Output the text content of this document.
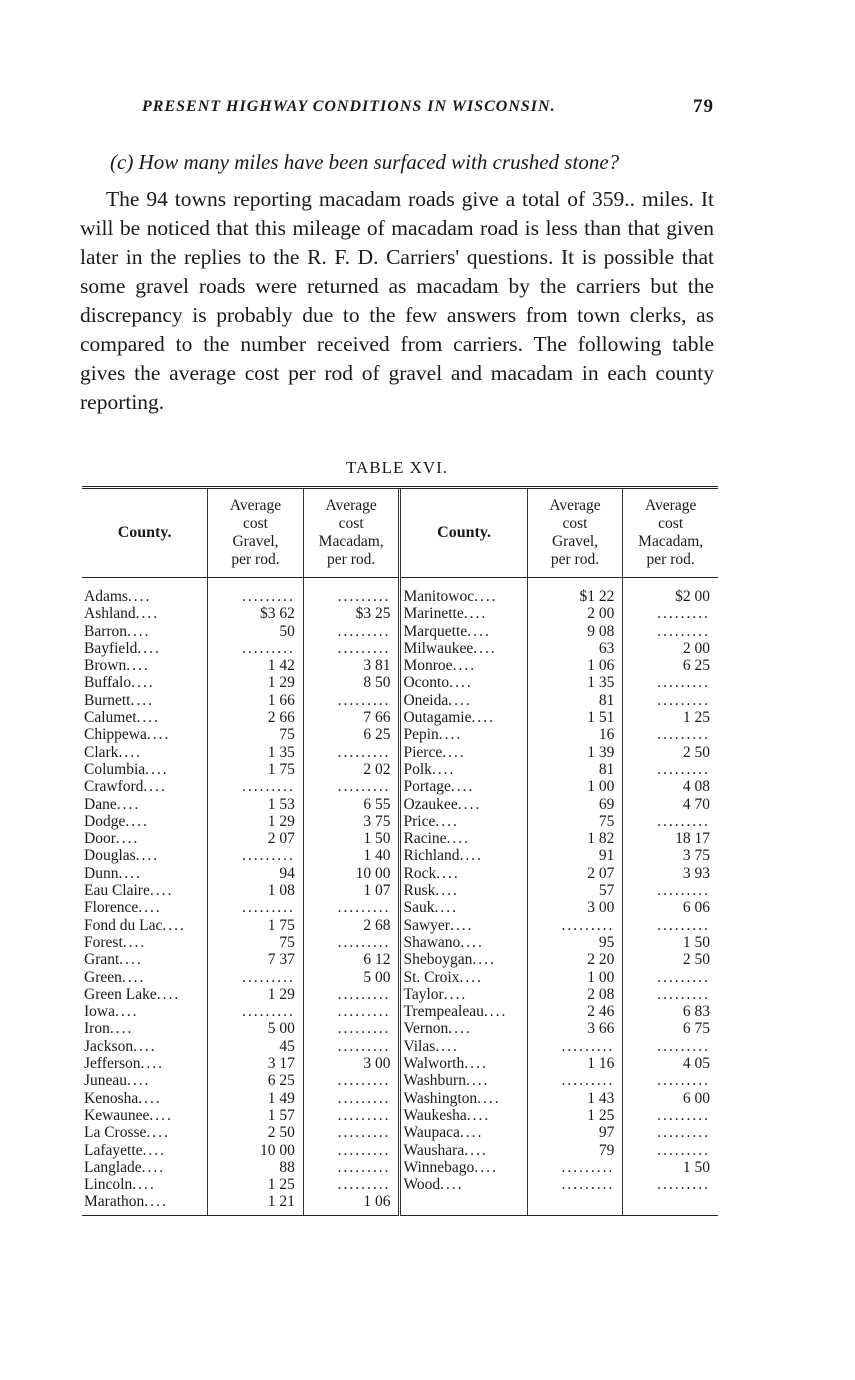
PRESENT HIGHWAY CONDITIONS IN WISCONSIN.	79
(c) How many miles have been surfaced with crushed stone?

The 94 towns reporting macadam roads give a total of 359.. miles. It will be noticed that this mileage of macadam road is less than that given later in the replies to the R. F. D. Carriers' questions. It is possible that some gravel roads were returned as macadam by the carriers but the discrepancy is probably due to the few answers from town clerks, as compared to the number received from carriers. The following table gives the average cost per rod of gravel and macadam in each county reporting.

TABLE XVI.
County.	Average
cost
Gravel,
per rod.	Average
cost
Macadam,
per rod.	County.	Average
cost
Gravel,
per rod.	Average
cost
Macadam,
per rod.
Adams....	.........	.........	Manitowoc....	$1 22	$2 00
Ashland....	$3 62	$3 25	Marinette....	2 00	.........
Barron....	50	.........	Marquette....	9 08	.........
Bayfield....	.........	.........	Milwaukee....	63	2 00
Brown....	1 42	3 81	Monroe....	1 06	6 25
Buffalo....	1 29	8 50	Oconto....	1 35	.........
Burnett....	1 66	.........	Oneida....	81	.........
Calumet....	2 66	7 66	Outagamie....	1 51	1 25
Chippewa....	75	6 25	Pepin....	16	.........
Clark....	1 35	.........	Pierce....	1 39	2 50
Columbia....	1 75	2 02	Polk....	81	.........
Crawford....	.........	.........	Portage....	1 00	4 08
Dane....	1 53	6 55	Ozaukee....	69	4 70
Dodge....	1 29	3 75	Price....	75	.........
Door....	2 07	1 50	Racine....	1 82	18 17
Douglas....	.........	1 40	Richland....	91	3 75
Dunn....	94	10 00	Rock....	2 07	3 93
Eau Claire....	1 08	1 07	Rusk....	57	.........
Florence....	.........	.........	Sauk....	3 00	6 06
Fond du Lac....	1 75	2 68	Sawyer....	.........	.........
Forest....	75	.........	Shawano....	95	1 50
Grant....	7 37	6 12	Sheboygan....	2 20	2 50
Green....	.........	5 00	St. Croix....	1 00	.........
Green Lake....	1 29	.........	Taylor....	2 08	.........
Iowa....	.........	.........	Trempealeau....	2 46	6 83
Iron....	5 00	.........	Vernon....	3 66	6 75
Jackson....	45	.........	Vilas....	.........	.........
Jefferson....	3 17	3 00	Walworth....	1 16	4 05
Juneau....	6 25	.........	Washburn....	.........	.........
Kenosha....	1 49	.........	Washington....	1 43	6 00
Kewaunee....	1 57	.........	Waukesha....	1 25	.........
La Crosse....	2 50	.........	Waupaca....	97	.........
Lafayette....	10 00	.........	Waushara....	79	.........
Langlade....	88	.........	Winnebago....	.........	1 50
Lincoln....	1 25	.........	Wood....	.........	.........
Marathon....	1 21	1 06			
